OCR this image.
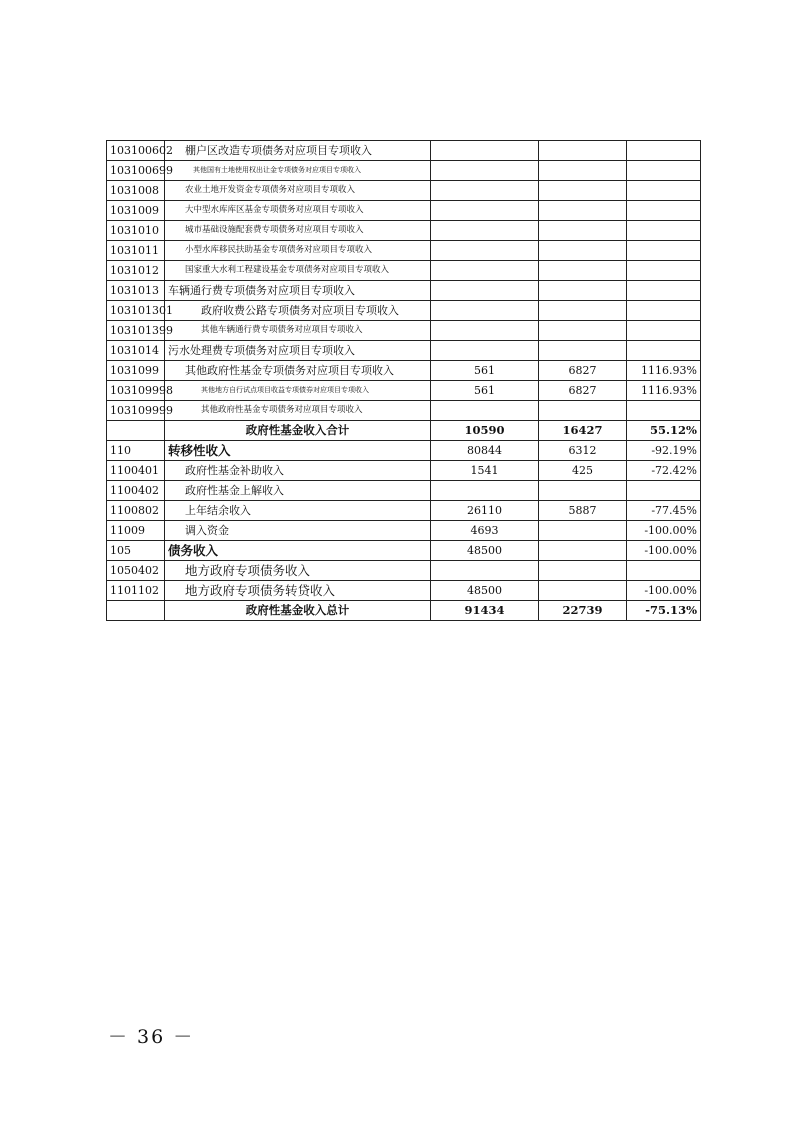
103100602	棚户区改造专项债务对应项目专项收入			
103100699	其他国有土地使用权出让金专项债务对应项目专项收入			
1031008	农业土地开发资金专项债务对应项目专项收入			
1031009	大中型水库库区基金专项债务对应项目专项收入			
1031010	城市基础设施配套费专项债务对应项目专项收入			
1031011	小型水库移民扶助基金专项债务对应项目专项收入			
1031012	国家重大水利工程建设基金专项债务对应项目专项收入			
1031013	车辆通行费专项债务对应项目专项收入			
103101301	政府收费公路专项债务对应项目专项收入			
103101399	其他车辆通行费专项债务对应项目专项收入			
1031014	污水处理费专项债务对应项目专项收入			
1031099	其他政府性基金专项债务对应项目专项收入	561	6827	1116.93%
103109998	其他地方自行试点项目收益专项债券对应项目专项收入	561	6827	1116.93%
103109999	其他政府性基金专项债务对应项目专项收入			
	政府性基金收入合计	10590	16427	55.12%
110	转移性收入	80844	6312	-92.19%
1100401	政府性基金补助收入	1541	425	-72.42%
1100402	政府性基金上解收入			
1100802	上年结余收入	26110	5887	-77.45%
11009	调入资金	4693		-100.00%
105	债务收入	48500		-100.00%
1050402	地方政府专项债务收入			
1101102	地方政府专项债务转贷收入	48500		-100.00%
	政府性基金收入总计	91434	22739	-75.13%
－ 36 －
